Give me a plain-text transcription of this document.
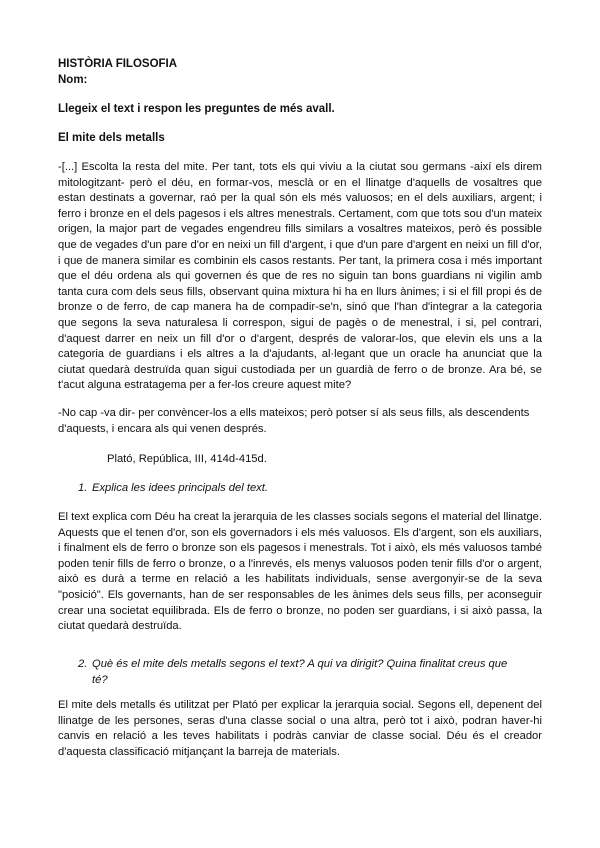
HISTÒRIA FILOSOFIA
Nom:
Llegeix el text i respon les preguntes de més avall.
El mite dels metalls
-[...] Escolta la resta del mite. Per tant, tots els qui viviu a la ciutat sou germans -així els direm mitologitzant- però el déu, en formar-vos, mesclà or en el llinatge d'aquells de vosaltres que estan destinats a governar, raó per la qual són els més valuosos; en el dels auxiliars, argent; i ferro i bronze en el dels pagesos i els altres menestrals. Certament, com que tots sou d'un mateix origen, la major part de vegades engendreu fills similars a vosaltres mateixos, però és possible que de vegades d'un pare d'or en neixi un fill d'argent, i que d'un pare d'argent en neixi un fill d'or, i que de manera similar es combinin els casos restants. Per tant, la primera cosa i més important que el déu ordena als qui governen és que de res no siguin tan bons guardians ni vigilin amb tanta cura com dels seus fills, observant quina mixtura hi ha en llurs ànimes; i si el fill propi és de bronze o de ferro, de cap manera ha de compadir-se'n, sinó que l'han d'integrar a la categoria que segons la seva naturalesa li correspon, sigui de pagès o de menestral, i si, pel contrari, d'aquest darrer en neix un fill d'or o d'argent, després de valorar-los, que elevin els uns a la categoria de guardians i els altres a la d'ajudants, al·legant que un oracle ha anunciat que la ciutat quedarà destruïda quan sigui custodiada per un guardià de ferro o de bronze. Ara bé, se t'acut alguna estratagema per a fer-los creure aquest mite?
-No cap -va dir- per convèncer-los a ells mateixos; però potser sí als seus fills, als descendents d'aquests, i encara als qui venen després.
Plató, República, III, 414d-415d.
1. Explica les idees principals del text.
El text explica com Déu ha creat la jerarquia de les classes socials segons el material del llinatge. Aquests que el tenen d'or, son els governadors i els més valuosos. Els d'argent, son els auxiliars, i finalment els de ferro o bronze son els pagesos i menestrals. Tot i això, els més valuosos també poden tenir fills de ferro o bronze, o a l'inrevés, els menys valuosos poden tenir fills d'or o argent, això es durà a terme en relació a les habilitats individuals, sense avergonyir-se de la seva "posició". Els governants, han de ser responsables de les ànimes dels seus fills, per aconseguir crear una societat equilibrada. Els de ferro o bronze, no poden ser guardians, i si això passa, la ciutat quedarà destruïda.
2. Què és el mite dels metalls segons el text? A qui va dirigit? Quina finalitat creus que té?
El mite dels metalls és utilitzat per Plató per explicar la jerarquia social. Segons ell, depenent del llinatge de les persones, seras d'una classe social o una altra, però tot i això, podran haver-hi canvis en relació a les teves habilitats i podràs canviar de classe social. Déu és el creador d'aquesta classificació mitjançant la barreja de materials.
